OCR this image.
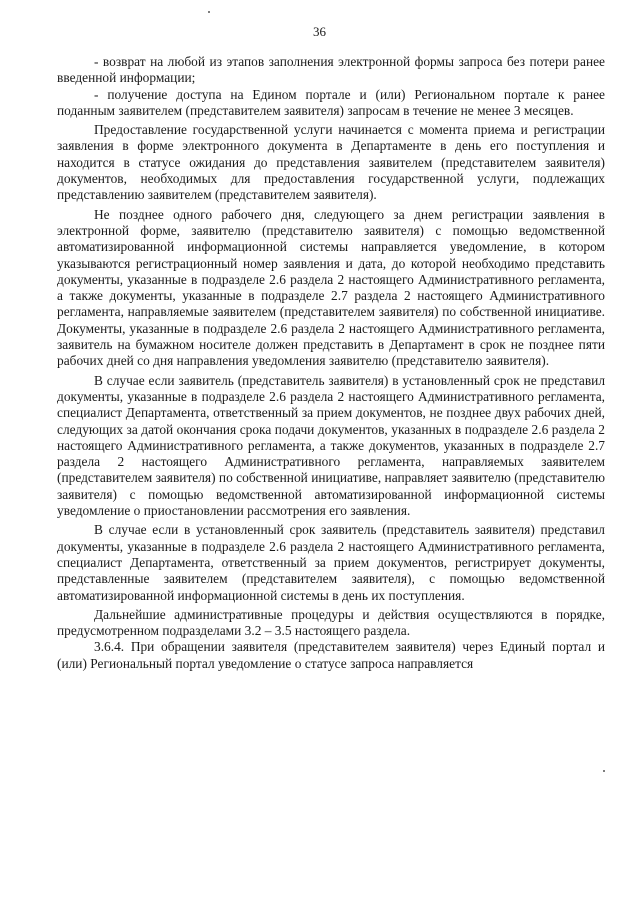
36

- возврат на любой из этапов заполнения электронной формы запроса без потери ранее введенной информации;

- получение доступа на Едином портале и (или) Региональном портале к ранее поданным заявителем (представителем заявителя) запросам в течение не менее 3 месяцев.

Предоставление государственной услуги начинается с момента приема и регистрации заявления в форме электронного документа в Департаменте в день его поступления и находится в статусе ожидания до представления заявителем (представителем заявителя) документов, необходимых для предоставления государственной услуги, подлежащих представлению заявителем (представителем заявителя).

Не позднее одного рабочего дня, следующего за днем регистрации заявления в электронной форме, заявителю (представителю заявителя) с помощью ведомственной автоматизированной информационной системы направляется уведомление, в котором указываются регистрационный номер заявления и дата, до которой необходимо представить документы, указанные в подразделе 2.6 раздела 2 настоящего Административного регламента, а также документы, указанные в подразделе 2.7 раздела 2 настоящего Административного регламента, направляемые заявителем (представителем заявителя) по собственной инициативе. Документы, указанные в подразделе 2.6 раздела 2 настоящего Административного регламента, заявитель на бумажном носителе должен представить в Департамент в срок не позднее пяти рабочих дней со дня направления уведомления заявителю (представителю заявителя).

В случае если заявитель (представитель заявителя) в установленный срок не представил документы, указанные в подразделе 2.6 раздела 2 настоящего Административного регламента, специалист Департамента, ответственный за прием документов, не позднее двух рабочих дней, следующих за датой окончания срока подачи документов, указанных в подразделе 2.6 раздела 2 настоящего Административного регламента, а также документов, указанных в подразделе 2.7 раздела 2 настоящего Административного регламента, направляемых заявителем (представителем заявителя) по собственной инициативе, направляет заявителю (представителю заявителя) с помощью ведомственной автоматизированной информационной системы уведомление о приостановлении рассмотрения его заявления.

В случае если в установленный срок заявитель (представитель заявителя) представил документы, указанные в подразделе 2.6 раздела 2 настоящего Административного регламента, специалист Департамента, ответственный за прием документов, регистрирует документы, представленные заявителем (представителем заявителя), с помощью ведомственной автоматизированной информационной системы в день их поступления.

Дальнейшие административные процедуры и действия осуществляются в порядке, предусмотренном подразделами 3.2 – 3.5 настоящего раздела.

3.6.4. При обращении заявителя (представителем заявителя) через Единый портал и (или) Региональный портал уведомление о статусе запроса направляется
